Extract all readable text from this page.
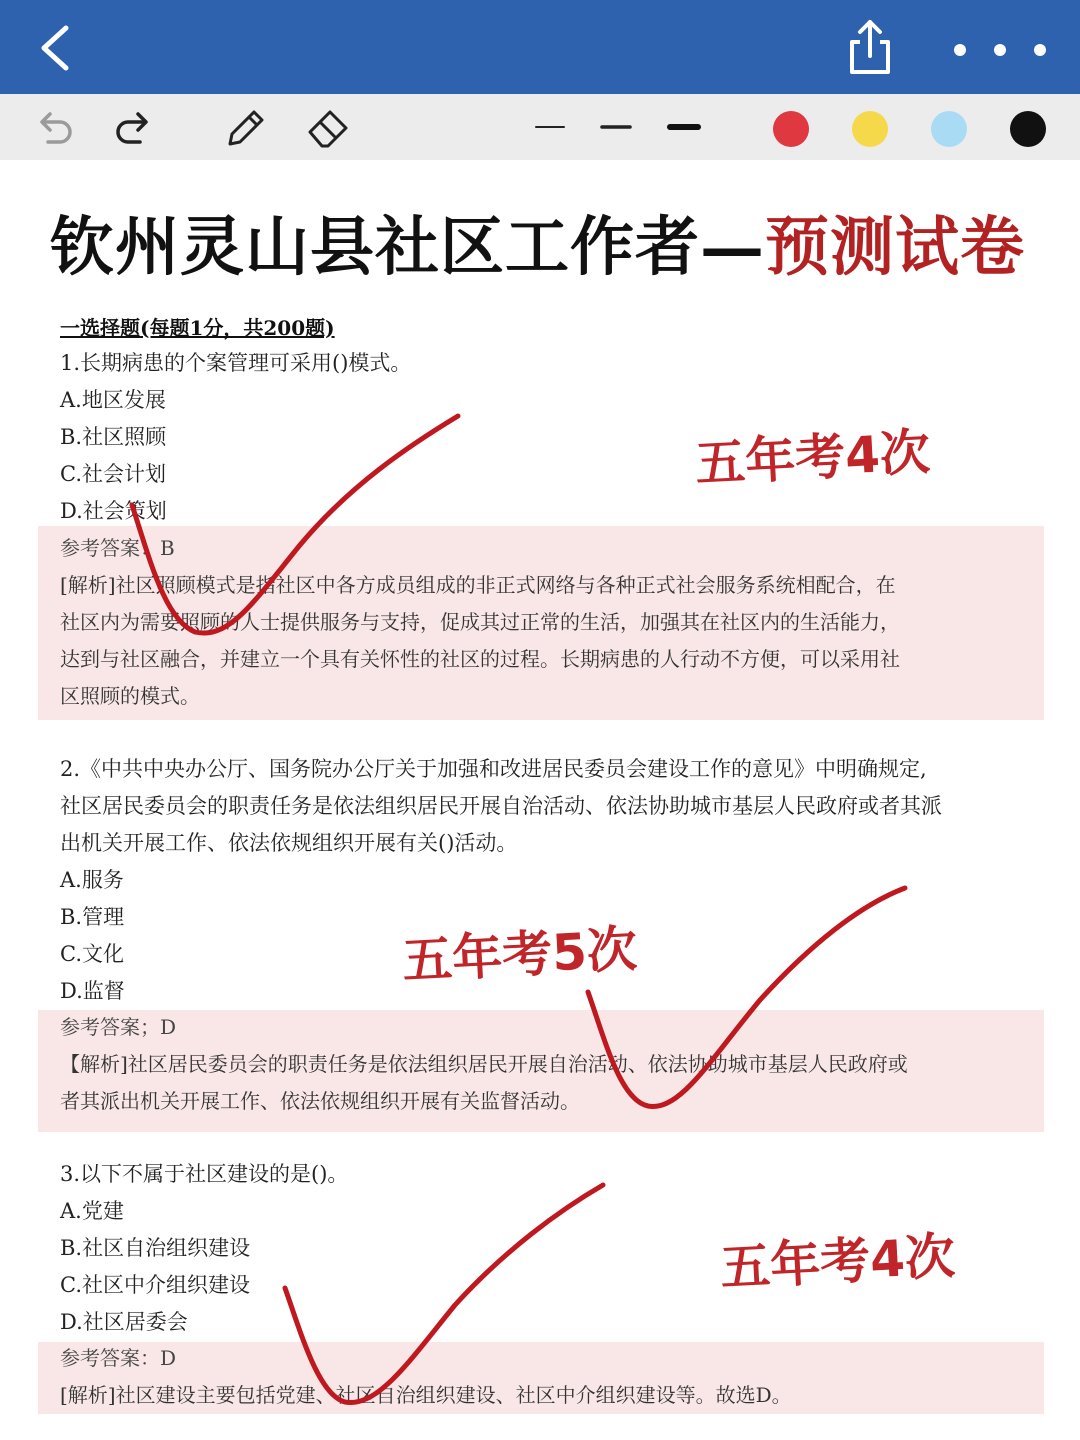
钦州灵山县社区工作者—预测试卷
一选择题(每题1分，共200题)
1.长期病患的个案管理可采用()模式。
A.地区发展
B.社区照顾
C.社会计划
D.社会策划
参考答案：B
[解析]社区照顾模式是指社区中各方成员组成的非正式网络与各种正式社会服务系统相配合，在
社区内为需要照顾的人士提供服务与支持，促成其过正常的生活，加强其在社区内的生活能力，
达到与社区融合，并建立一个具有关怀性的社区的过程。长期病患的人行动不方便，可以采用社
区照顾的模式。
五年考4次
2.《中共中央办公厅、国务院办公厅关于加强和改进居民委员会建设工作的意见》中明确规定,
社区居民委员会的职责任务是依法组织居民开展自治活动、依法协助城市基层人民政府或者其派
出机关开展工作、依法依规组织开展有关()活动。
A.服务
B.管理
C.文化
D.监督
参考答案；D
【解析]社区居民委员会的职责任务是依法组织居民开展自治活动、依法协助城市基层人民政府或
者其派出机关开展工作、依法依规组织开展有关监督活动。
五年考5次
3.以下不属于社区建设的是()。
A.党建
B.社区自治组织建设
C.社区中介组织建设
D.社区居委会
参考答案：D
[解析]社区建设主要包括党建、社区自治组织建设、社区中介组织建设等。故选D。
五年考4次
